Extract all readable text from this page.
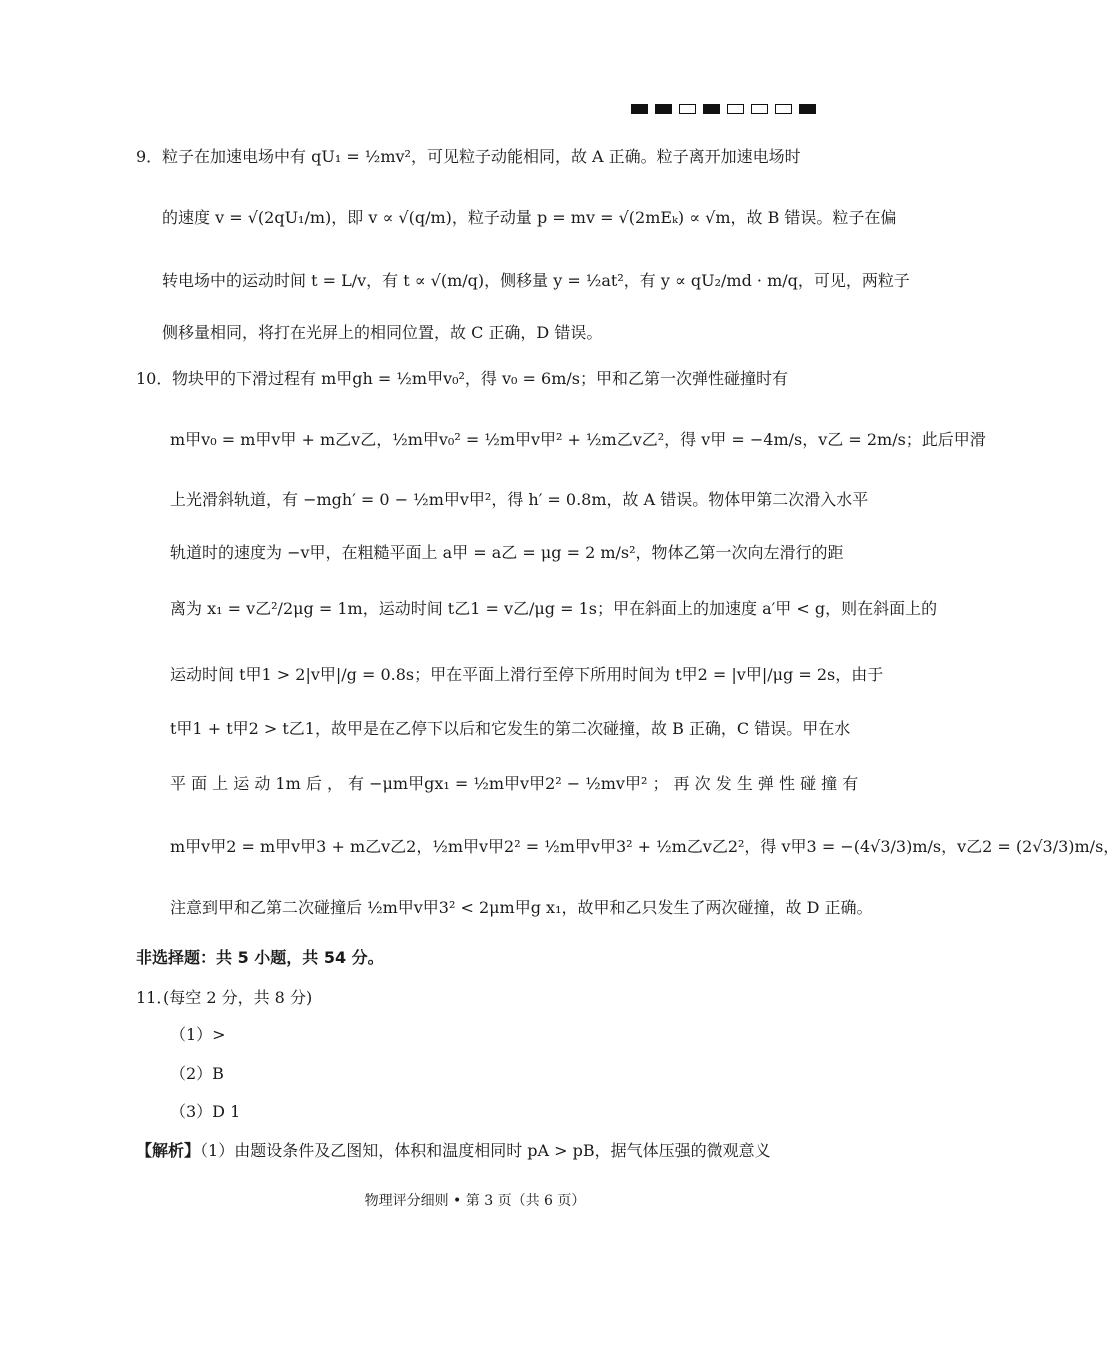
9． 粒子在加速电场中有 qU₁ = ½mv²，可见粒子动能相同，故 A 正确。粒子离开加速电场时
的速度 v = √(2qU₁/m)，即 v ∝ √(q/m)，粒子动量 p = mv = √(2mEₖ) ∝ √m，故 B 错误。粒子在偏
转电场中的运动时间 t = L/v，有 t ∝ √(m/q)，侧移量 y = ½at²，有 y ∝ qU₂/md · m/q，可见，两粒子
侧移量相同，将打在光屏上的相同位置，故 C 正确，D 错误。
10． 物块甲的下滑过程有 m甲gh = ½m甲v₀²，得 v₀ = 6m/s；甲和乙第一次弹性碰撞时有
m甲v₀ = m甲v甲 + m乙v乙，½m甲v₀² = ½m甲v甲² + ½m乙v乙²，得 v甲 = −4m/s，v乙 = 2m/s；此后甲滑
上光滑斜轨道，有 −mgh′ = 0 − ½m甲v甲²，得 h′ = 0.8m，故 A 错误。物体甲第二次滑入水平
轨道时的速度为 −v甲，在粗糙平面上 a甲 = a乙 = μg = 2 m/s²，物体乙第一次向左滑行的距
离为 x₁ = v乙²/2μg = 1m，运动时间 t乙1 = v乙/μg = 1s；甲在斜面上的加速度 a′甲 < g，则在斜面上的
运动时间 t甲1 > 2|v甲|/g = 0.8s；甲在平面上滑行至停下所用时间为 t甲2 = |v甲|/μg = 2s，由于
t甲1 + t甲2 > t乙1，故甲是在乙停下以后和它发生的第二次碰撞，故 B 正确，C 错误。甲在水
平 面 上 运 动 1m 后 ， 有 −μm甲gx₁ = ½m甲v甲2² − ½mv甲² ； 再 次 发 生 弹 性 碰 撞 有
m甲v甲2 = m甲v甲3 + m乙v乙2，½m甲v甲2² = ½m甲v甲3² + ½m乙v乙2²，得 v甲3 = −(4√3/3)m/s，v乙2 = (2√3/3)m/s，
注意到甲和乙第二次碰撞后 ½m甲v甲3² < 2μm甲g x₁，故甲和乙只发生了两次碰撞，故 D 正确。
非选择题：共 5 小题，共 54 分。
11．
(每空 2 分，共 8 分)
（1）>
（2）B
（3）D 1
【解析】（1）由题设条件及乙图知，体积和温度相同时 pA > pB，据气体压强的微观意义
物理评分细则 • 第 3 页（共 6 页）
